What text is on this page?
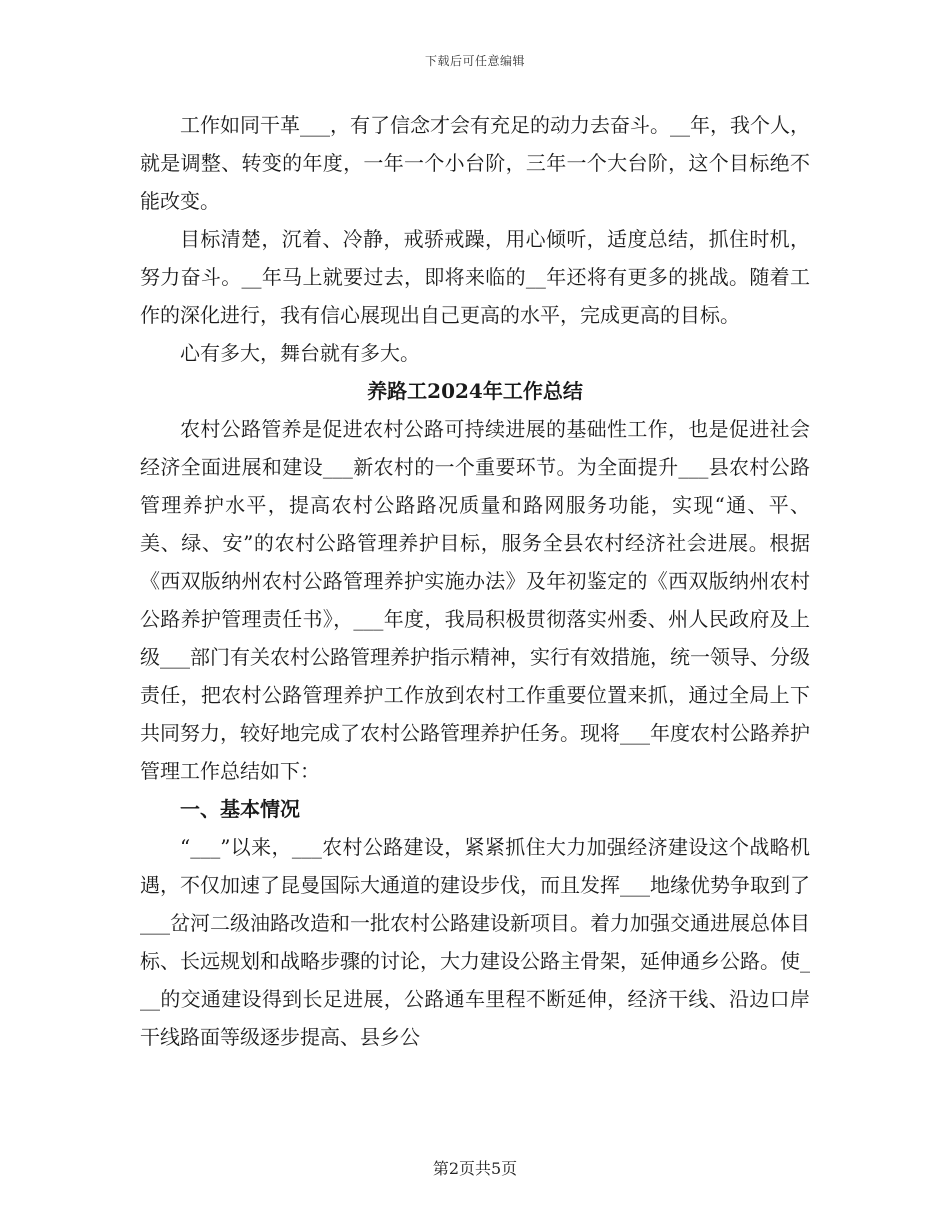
下载后可任意编辑

工作如同干革___，有了信念才会有充足的动力去奋斗。__年，我个人，就是调整、转变的年度，一年一个小台阶，三年一个大台阶，这个目标绝不能改变。

目标清楚，沉着、冷静，戒骄戒躁，用心倾听，适度总结，抓住时机，努力奋斗。__年马上就要过去，即将来临的__年还将有更多的挑战。随着工作的深化进行，我有信心展现出自己更高的水平，完成更高的目标。

心有多大，舞台就有多大。

养路工2024年工作总结

农村公路管养是促进农村公路可持续进展的基础性工作，也是促进社会经济全面进展和建设___新农村的一个重要环节。为全面提升___县农村公路管理养护水平，提高农村公路路况质量和路网服务功能，实现“通、平、美、绿、安”的农村公路管理养护目标，服务全县农村经济社会进展。根据《西双版纳州农村公路管理养护实施办法》及年初鉴定的《西双版纳州农村公路养护管理责任书》，___年度，我局积极贯彻落实州委、州人民政府及上级___部门有关农村公路管理养护指示精神，实行有效措施，统一领导、分级责任，把农村公路管理养护工作放到农村工作重要位置来抓，通过全局上下共同努力，较好地完成了农村公路管理养护任务。现将___年度农村公路养护管理工作总结如下：

一、基本情况

“___”以来，___农村公路建设，紧紧抓住大力加强经济建设这个战略机遇，不仅加速了昆曼国际大通道的建设步伐，而且发挥___地缘优势争取到了___岔河二级油路改造和一批农村公路建设新项目。着力加强交通进展总体目标、长远规划和战略步骤的讨论，大力建设公路主骨架，延伸通乡公路。使___的交通建设得到长足进展，公路通车里程不断延伸，经济干线、沿边口岸干线路面等级逐步提高、县乡公

第2页共5页
